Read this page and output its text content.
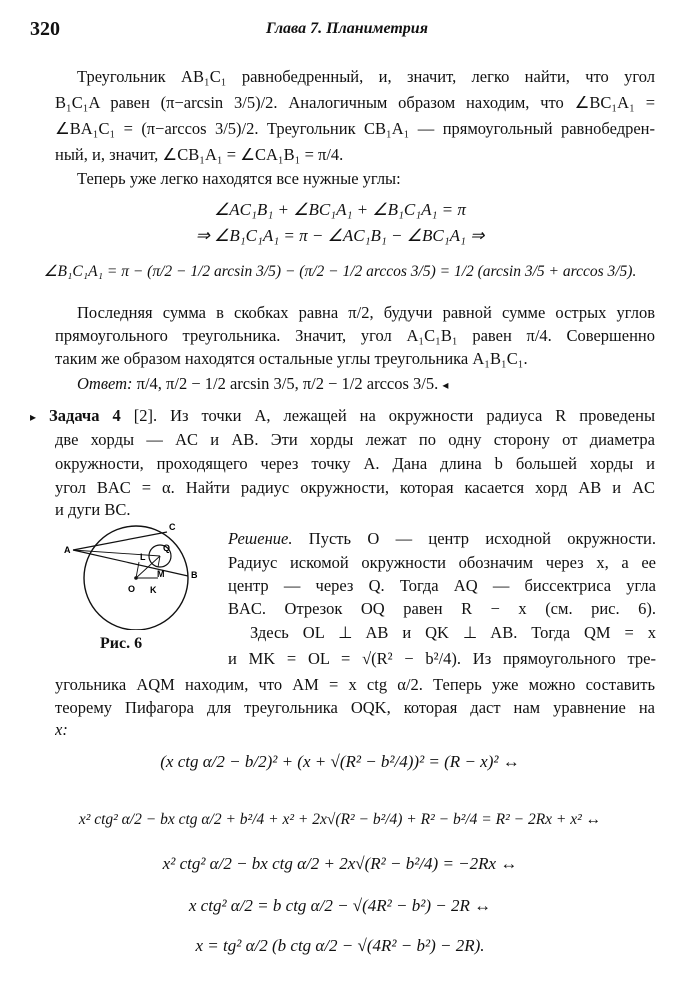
320	Глава 7. Планиметрия
Треугольник AB₁C₁ равнобедренный, и, значит, легко найти, что угол
B₁C₁A равен (π−arcsin 3/5)/2. Аналогичным образом находим, что ∠BC₁A₁ =
∠BA₁C₁ = (π−arccos 3/5)/2. Треугольник CB₁A₁ — прямоугольный равнобедрен-
ный, и, значит, ∠CB₁A₁ = ∠CA₁B₁ = π/4.
Теперь уже легко находятся все нужные углы:
∠AC₁B₁ + ∠BC₁A₁ + ∠B₁C₁A₁ = π
⇒ ∠B₁C₁A₁ = π − ∠AC₁B₁ − ∠BC₁A₁ ⇒
∠B₁C₁A₁ = π − (π/2 − 1/2 arcsin 3/5) − (π/2 − 1/2 arccos 3/5) = 1/2 (arcsin 3/5 + arccos 3/5).
Последняя сумма в скобках равна π/2, будучи равной сумме острых углов
прямоугольного треугольника. Значит, угол A₁C₁B₁ равен π/4. Совершенно
таким же образом находятся остальные углы треугольника A₁B₁C₁.
Ответ: π/4, π/2 − 1/2 arcsin 3/5, π/2 − 1/2 arccos 3/5. ◂
▸ Задача 4 [2]. Из точки A, лежащей на окружности радиуса R проведены
две хорды — AC и AB. Эти хорды лежат по одну сторону от диаметра
окружности, проходящего через точку A. Дана длина b большей хорды и
угол BAC = α. Найти радиус окружности, которая касается хорд AB и AC
и дуги BC.
A
C
B
O K
M
L
Q
Рис. 6
Решение. Пусть O — центр исходной окружности.
Радиус искомой окружности обозначим через x, а ее
центр — через Q. Тогда AQ — биссектриса угла
BAC. Отрезок OQ равен R − x (см. рис. 6).
Здесь OL ⊥ AB и QK ⊥ AB. Тогда QM = x
и MK = OL = √(R² − b²/4). Из прямоугольного тре-
угольника AQM находим, что AM = x ctg α/2. Теперь уже можно составить
теорему Пифагора для треугольника OQK, которая даст нам уравнение на
x:
(x ctg α/2 − b/2)² + (x + √(R² − b²/4))² = (R − x)² ↔
x² ctg² α/2 − bx ctg α/2 + b²/4 + x² + 2x√(R² − b²/4) + R² − b²/4 = R² − 2Rx + x² ↔
x² ctg² α/2 − bx ctg α/2 + 2x√(R² − b²/4) = −2Rx ↔
x ctg² α/2 = b ctg α/2 − √(4R² − b²) − 2R ↔
x = tg² α/2 (b ctg α/2 − √(4R² − b²) − 2R).
